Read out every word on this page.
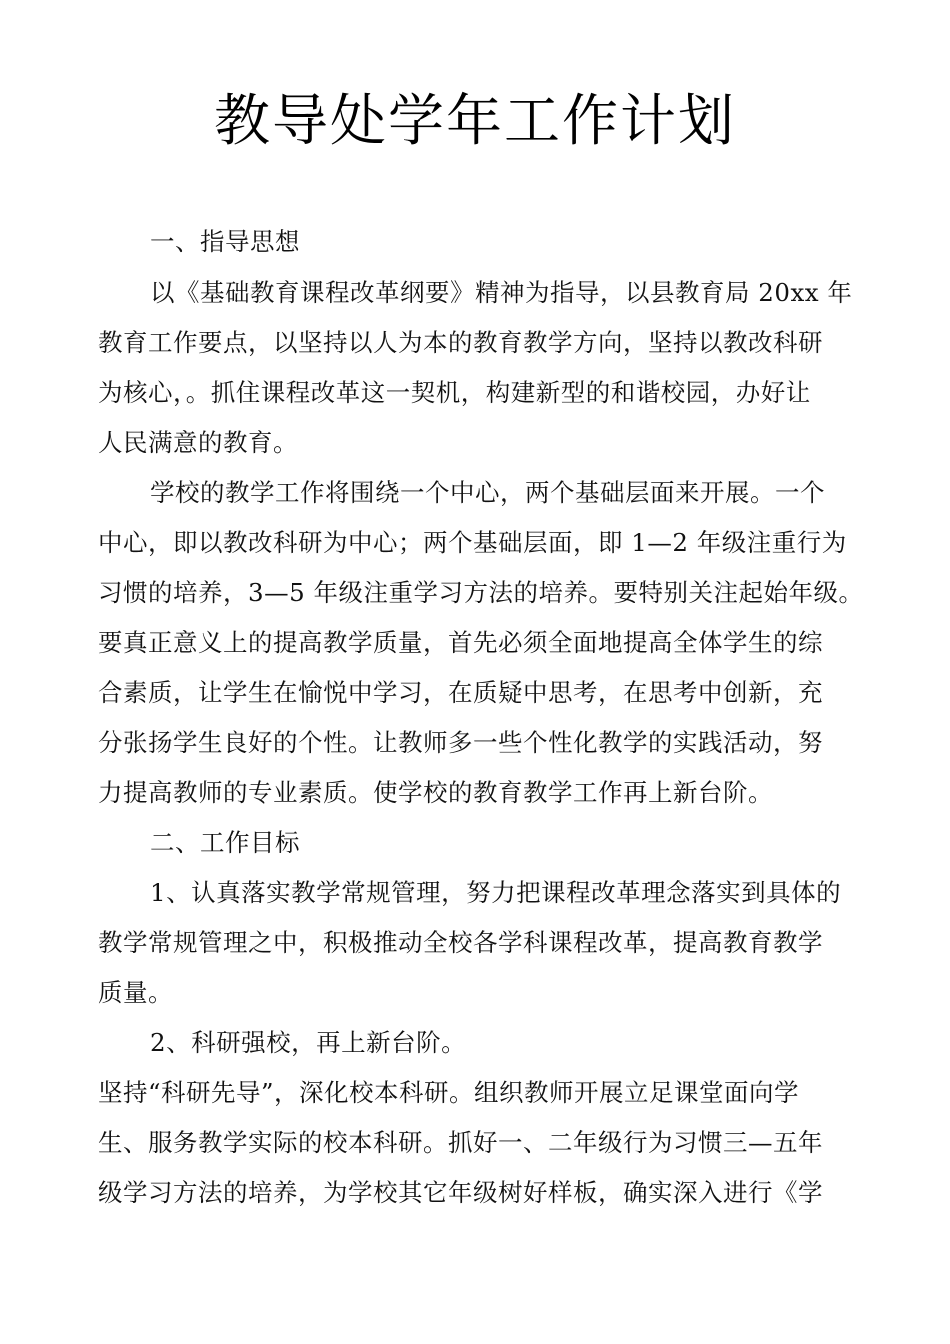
教导处学年工作计划
一、指导思想
以《基础教育课程改革纲要》精神为指导，以县教育局 20xx 年
教育工作要点，以坚持以人为本的教育教学方向，坚持以教改科研
为核心，。抓住课程改革这一契机，构建新型的和谐校园，办好让
人民满意的教育。
学校的教学工作将围绕一个中心，两个基础层面来开展。一个
中心，即以教改科研为中心；两个基础层面，即 1—2 年级注重行为
习惯的培养，3—5 年级注重学习方法的培养。要特别关注起始年级。
要真正意义上的提高教学质量，首先必须全面地提高全体学生的综
合素质，让学生在愉悦中学习，在质疑中思考，在思考中创新，充
分张扬学生良好的个性。让教师多一些个性化教学的实践活动，努
力提高教师的专业素质。使学校的教育教学工作再上新台阶。
二、工作目标
1、认真落实教学常规管理，努力把课程改革理念落实到具体的
教学常规管理之中，积极推动全校各学科课程改革，提高教育教学
质量。
2、科研强校，再上新台阶。
坚持“科研先导”，深化校本科研。组织教师开展立足课堂面向学
生、服务教学实际的校本科研。抓好一、二年级行为习惯三—五年
级学习方法的培养，为学校其它年级树好样板，确实深入进行《学
